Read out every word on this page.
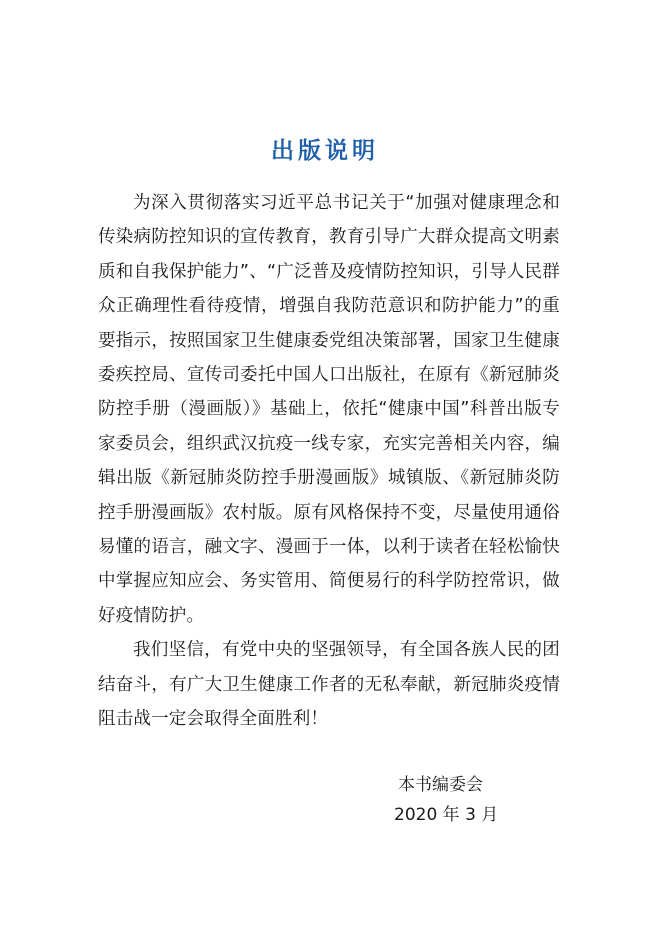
出版说明

为深入贯彻落实习近平总书记关于“加强对健康理念和传染病防控知识的宣传教育，教育引导广大群众提高文明素质和自我保护能力”、“广泛普及疫情防控知识，引导人民群众正确理性看待疫情，增强自我防范意识和防护能力”的重要指示，按照国家卫生健康委党组决策部署，国家卫生健康委疾控局、宣传司委托中国人口出版社，在原有《新冠肺炎防控手册（漫画版）》基础上，依托“健康中国”科普出版专家委员会，组织武汉抗疫一线专家，充实完善相关内容，编辑出版《新冠肺炎防控手册漫画版》城镇版、《新冠肺炎防控手册漫画版》农村版。原有风格保持不变，尽量使用通俗易懂的语言，融文字、漫画于一体，以利于读者在轻松愉快中掌握应知应会、务实管用、简便易行的科学防控常识，做好疫情防护。

我们坚信，有党中央的坚强领导，有全国各族人民的团结奋斗，有广大卫生健康工作者的无私奉献，新冠肺炎疫情阻击战一定会取得全面胜利！

本书编委会
2020 年 3 月
